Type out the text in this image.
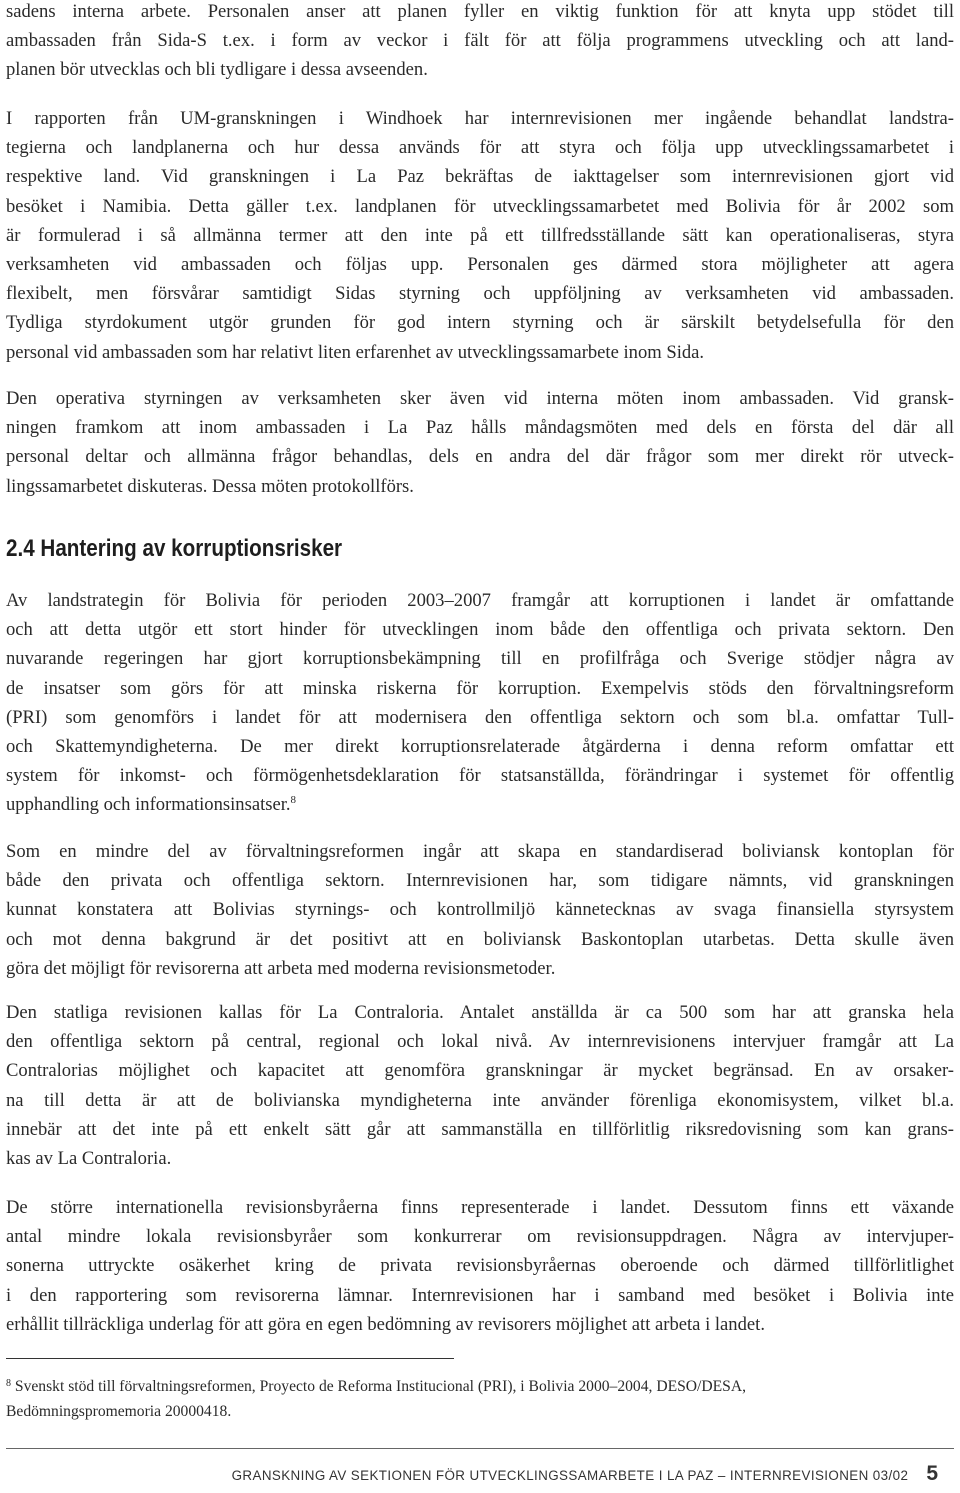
sadens interna arbete. Personalen anser att planen fyller en viktig funktion för att knyta upp stödet till
ambassaden från Sida-S t.ex. i form av veckor i fält för att följa programmens utveckling och att land-
planen bör utvecklas och bli tydligare i dessa avseenden.
I rapporten från UM-granskningen i Windhoek har internrevisionen mer ingående behandlat landstra-
tegierna och landplanerna och hur dessa används för att styra och följa upp utvecklingssamarbetet i
respektive land. Vid granskningen i La Paz bekräftas de iakttagelser som internrevisionen gjort vid
besöket i Namibia. Detta gäller t.ex. landplanen för utvecklingssamarbetet med Bolivia för år 2002 som
är formulerad i så allmänna termer att den inte på ett tillfredsställande sätt kan operationaliseras, styra
verksamheten vid ambassaden och följas upp. Personalen ges därmed stora möjligheter att agera
flexibelt, men försvårar samtidigt Sidas styrning och uppföljning av verksamheten vid ambassaden.
Tydliga styrdokument utgör grunden för god intern styrning och är särskilt betydelsefulla för den
personal vid ambassaden som har relativt liten erfarenhet av utvecklingssamarbete inom Sida.
Den operativa styrningen av verksamheten sker även vid interna möten inom ambassaden. Vid gransk-
ningen framkom att inom ambassaden i La Paz hålls måndagsmöten med dels en första del där all
personal deltar och allmänna frågor behandlas, dels en andra del där frågor som mer direkt rör utveck-
lingssamarbetet diskuteras. Dessa möten protokollförs.
2.4 Hantering av korruptionsrisker
Av landstrategin för Bolivia för perioden 2003–2007 framgår att korruptionen i landet är omfattande
och att detta utgör ett stort hinder för utvecklingen inom både den offentliga och privata sektorn. Den
nuvarande regeringen har gjort korruptionsbekämpning till en profilfråga och Sverige stödjer några av
de insatser som görs för att minska riskerna för korruption. Exempelvis stöds den förvaltningsreform
(PRI) som genomförs i landet för att modernisera den offentliga sektorn och som bl.a. omfattar Tull-
och Skattemyndigheterna. De mer direkt korruptionsrelaterade åtgärderna i denna reform omfattar ett
system för inkomst- och förmögenhetsdeklaration för statsanställda, förändringar i systemet för offentlig
upphandling och informationsinsatser.$^8$
Som en mindre del av förvaltningsreformen ingår att skapa en standardiserad boliviansk kontoplan för
både den privata och offentliga sektorn. Internrevisionen har, som tidigare nämnts, vid granskningen
kunnat konstatera att Bolivias styrnings- och kontrollmiljö kännetecknas av svaga finansiella styrsystem
och mot denna bakgrund är det positivt att en boliviansk Baskontoplan utarbetas. Detta skulle även
göra det möjligt för revisorerna att arbeta med moderna revisionsmetoder.
Den statliga revisionen kallas för La Contraloria. Antalet anställda är ca 500 som har att granska hela
den offentliga sektorn på central, regional och lokal nivå. Av internrevisionens intervjuer framgår att La
Contralorias möjlighet och kapacitet att genomföra granskningar är mycket begränsad. En av orsaker-
na till detta är att de bolivianska myndigheterna inte använder förenliga ekonomisystem, vilket bl.a.
innebär att det inte på ett enkelt sätt går att sammanställa en tillförlitlig riksredovisning som kan grans-
kas av La Contraloria.
De större internationella revisionsbyråerna finns representerade i landet. Dessutom finns ett växande
antal mindre lokala revisionsbyråer som konkurrerar om revisionsuppdragen. Några av intervjuper-
sonerna uttryckte osäkerhet kring de privata revisionsbyråernas oberoende och därmed tillförlitlighet
i den rapportering som revisorerna lämnar. Internrevisionen har i samband med besöket i Bolivia inte
erhållit tillräckliga underlag för att göra en egen bedömning av revisorers möjlighet att arbeta i landet.
$^8$ Svenskt stöd till förvaltningsreformen, Proyecto de Reforma Institucional (PRI), i Bolivia 2000–2004, DESO/DESA,
Bedömningspromemoria 20000418.
GRANSKNING AV SEKTIONEN FÖR UTVECKLINGSSAMARBETE I LA PAZ – INTERNREVISIONEN 03/02 5
